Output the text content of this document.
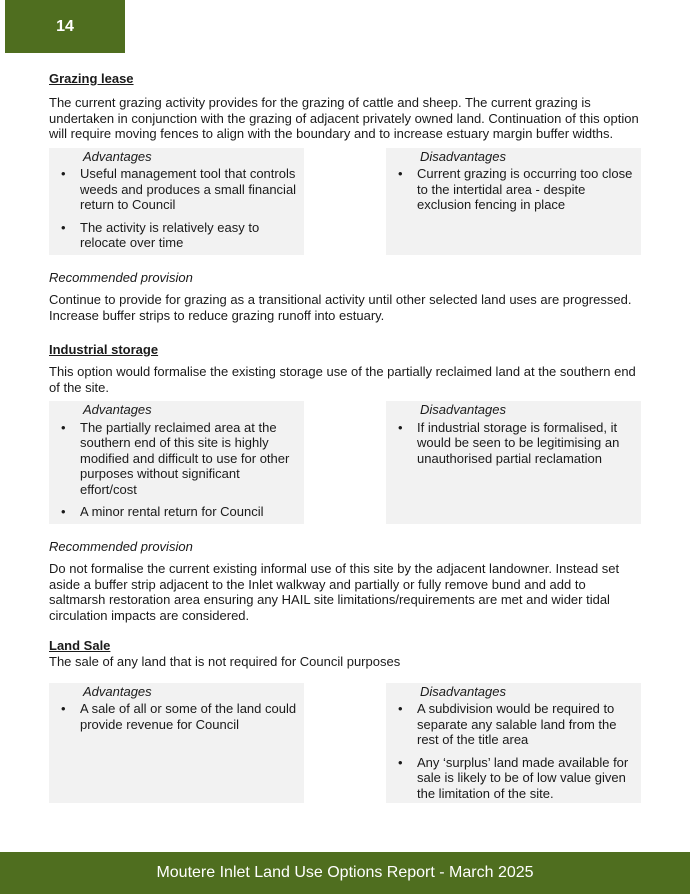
14
Grazing lease

The current grazing activity provides for the grazing of cattle and sheep. The current grazing is undertaken in conjunction with the grazing of adjacent privately owned land. Continuation of this option will require moving fences to align with the boundary and to increase estuary margin buffer widths.

Advantages
• Useful management tool that controls weeds and produces a small financial return to Council
• The activity is relatively easy to relocate over time
Disadvantages
• Current grazing is occurring too close to the intertidal area - despite exclusion fencing in place

Recommended provision

Continue to provide for grazing as a transitional activity until other selected land uses are progressed. Increase buffer strips to reduce grazing runoff into estuary.

Industrial storage

This option would formalise the existing storage use of the partially reclaimed land at the southern end of the site.

Advantages
• The partially reclaimed area at the southern end of this site is highly modified and difficult to use for other purposes without significant effort/cost
• A minor rental return for Council
Disadvantages
• If industrial storage is formalised, it would be seen to be legitimising an unauthorised partial reclamation

Recommended provision

Do not formalise the current existing informal use of this site by the adjacent landowner. Instead set aside a buffer strip adjacent to the Inlet walkway and partially or fully remove bund and add to saltmarsh restoration area ensuring any HAIL site limitations/requirements are met and wider tidal circulation impacts are considered.

Land Sale

The sale of any land that is not required for Council purposes

Advantages
• A sale of all or some of the land could provide revenue for Council
Disadvantages
• A subdivision would be required to separate any salable land from the rest of the title area
• Any ‘surplus’ land made available for sale is likely to be of low value given the limitation of the site.
Moutere Inlet Land Use Options Report - March 2025
